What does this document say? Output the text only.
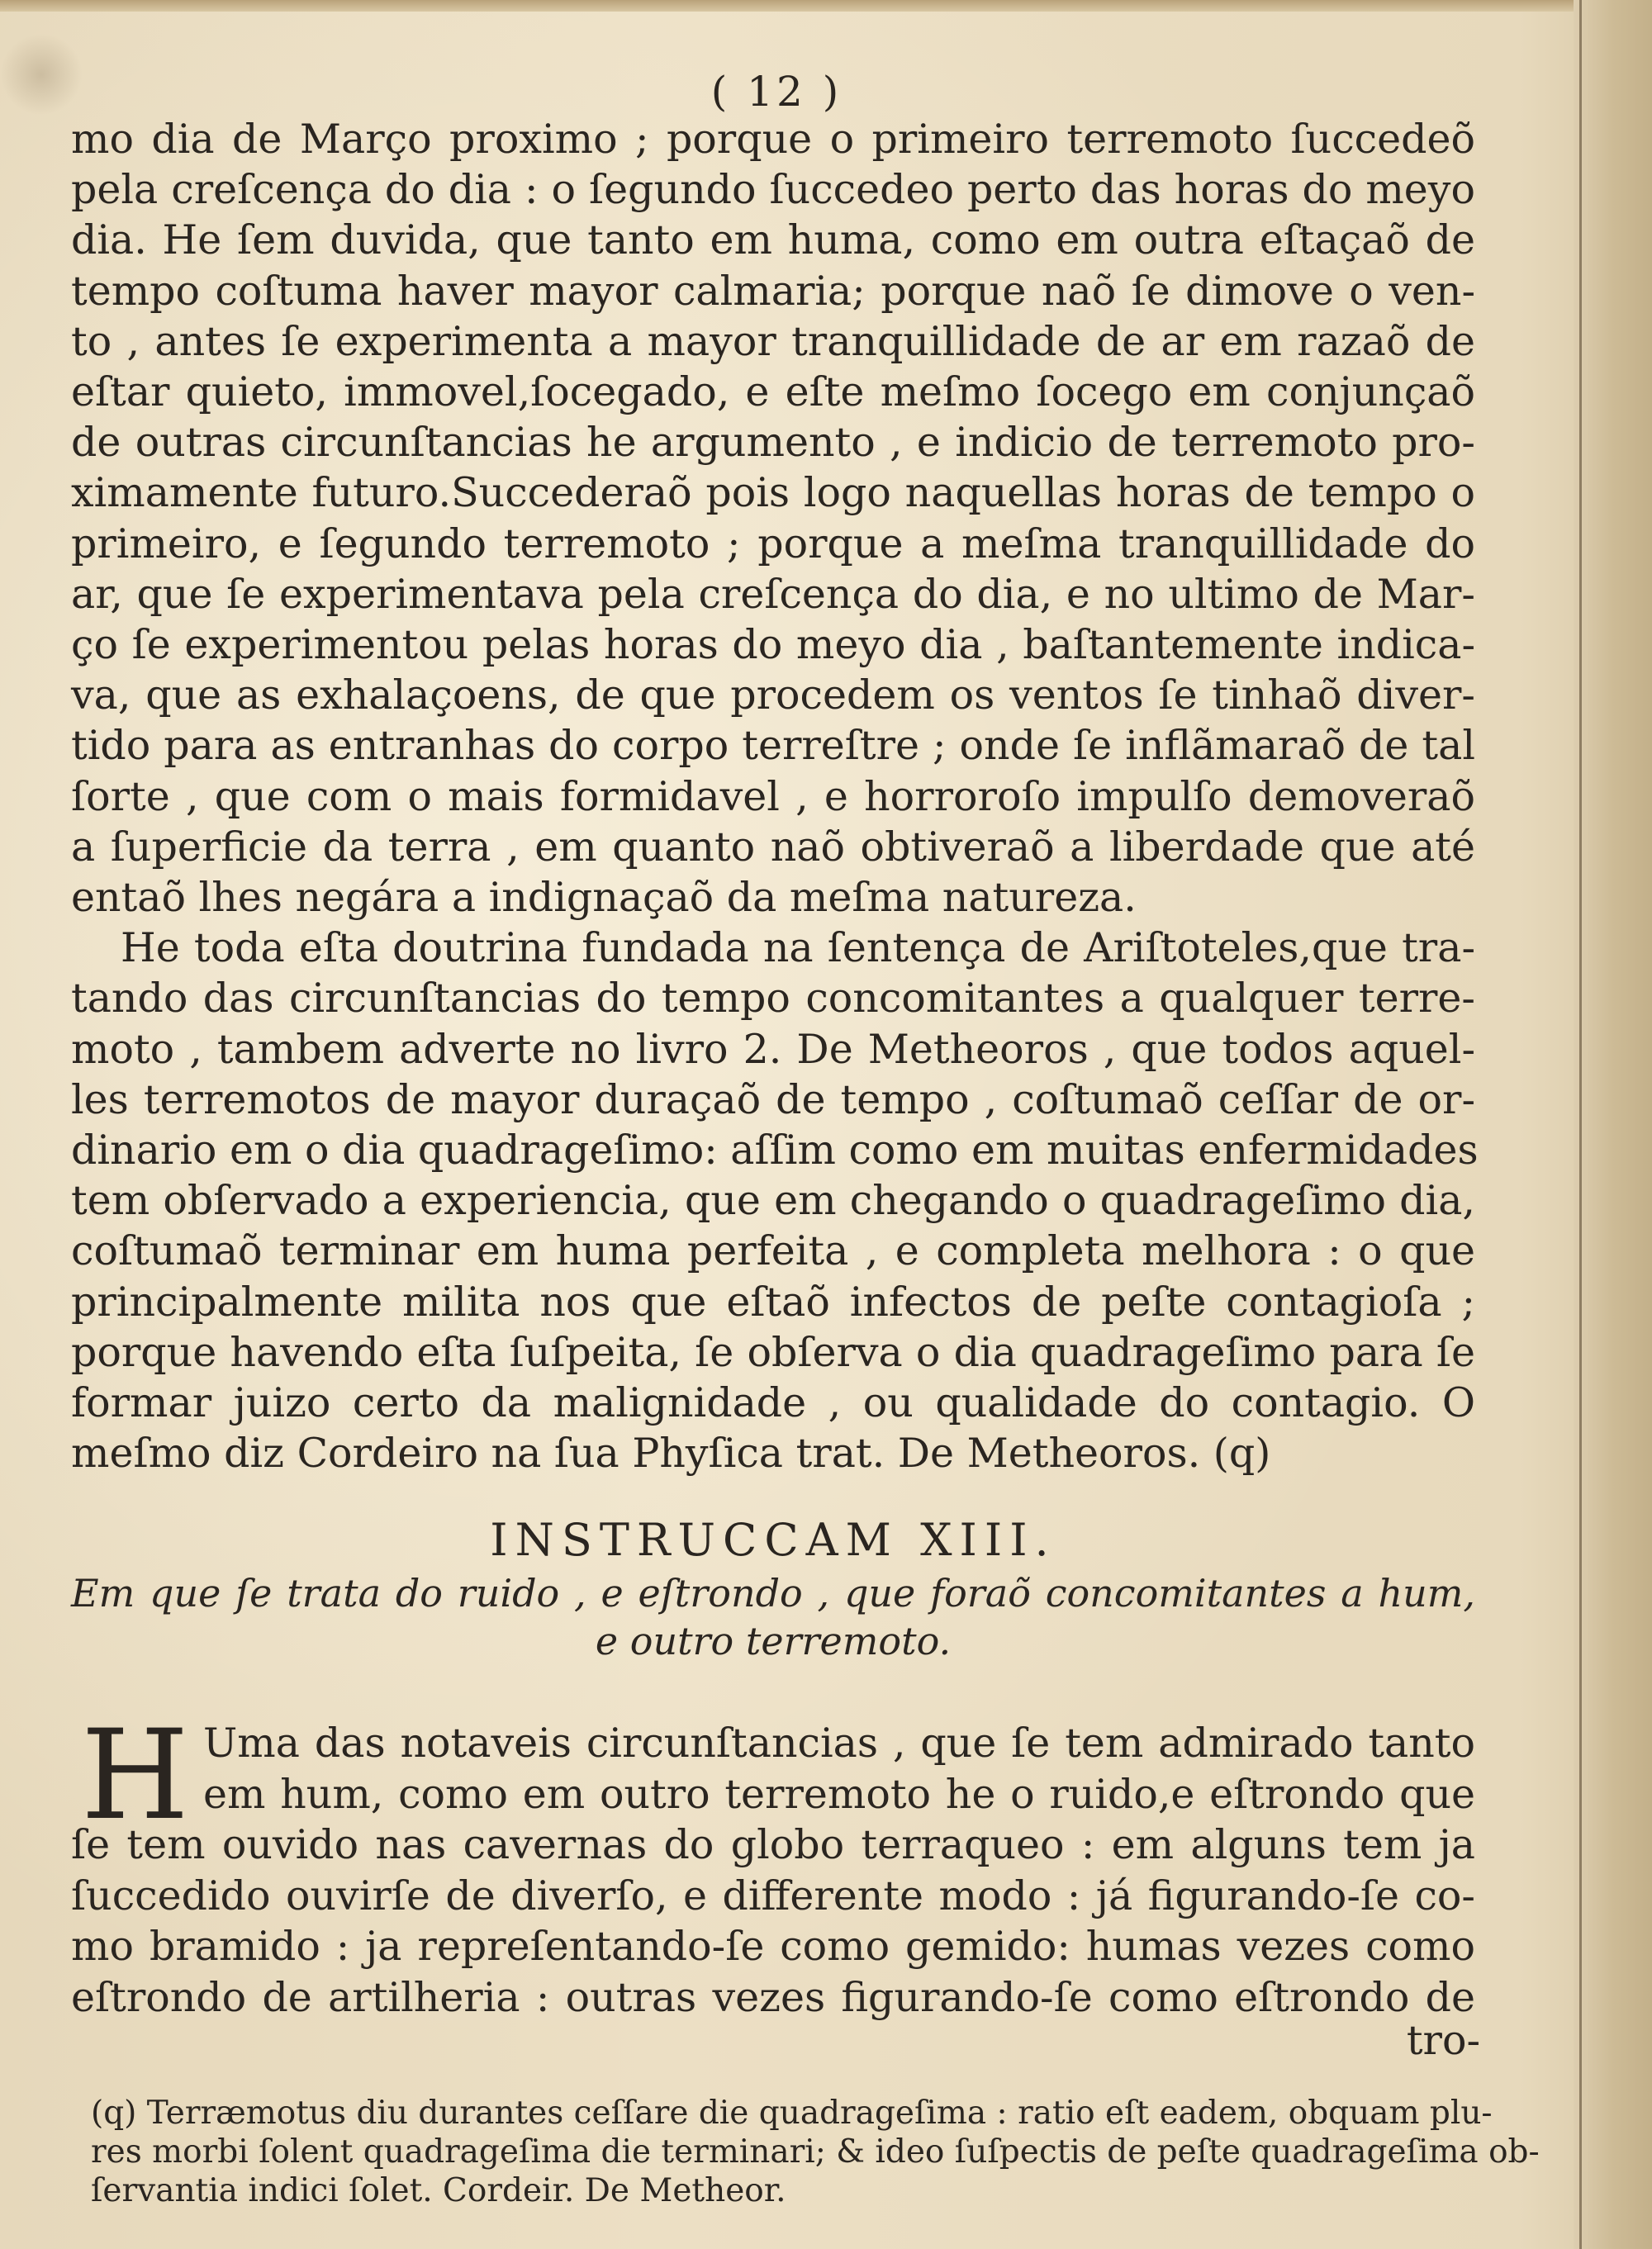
( 12 )
mo dia de Março proximo ; porque o primeiro terremoto ſuccedeõ
pela creſcença do dia : o ſegundo ſuccedeo perto das horas do meyo
dia. He ſem duvida, que tanto em huma, como em outra eſtaçaõ de
tempo coſtuma haver mayor calmaria; porque naõ ſe dimove o ven-
to , antes ſe experimenta a mayor tranquillidade de ar em razaõ de
eſtar quieto, immovel,ſocegado, e eſte meſmo ſocego em conjunçaõ
de outras circunſtancias he argumento , e indicio de terremoto pro-
ximamente futuro.Succederaõ pois logo naquellas horas de tempo o
primeiro, e ſegundo terremoto ; porque a meſma tranquillidade do
ar, que ſe experimentava pela creſcença do dia, e no ultimo de Mar-
ço ſe experimentou pelas horas do meyo dia , baſtantemente indica-
va, que as exhalaçoens, de que procedem os ventos ſe tinhaõ diver-
tido para as entranhas do corpo terreſtre ; onde ſe inflãmaraõ de tal
ſorte , que com o mais formidavel , e horroroſo impulſo demoveraõ
a ſuperficie da terra , em quanto naõ obtiveraõ a liberdade que até
entaõ lhes negára a indignaçaõ da meſma natureza.
He toda eſta doutrina fundada na ſentença de Ariſtoteles,que tra-
tando das circunſtancias do tempo concomitantes a qualquer terre-
moto , tambem adverte no livro 2. De Metheoros , que todos aquel-
les terremotos de mayor duraçaõ de tempo , coſtumaõ ceſſar de or-
dinario em o dia quadrageſimo: aſſim como em muitas enfermidades
tem obſervado a experiencia, que em chegando o quadrageſimo dia,
coſtumaõ terminar em huma perfeita , e completa melhora : o que
principalmente milita nos que eſtaõ infectos de peſte contagioſa ;
porque havendo eſta ſuſpeita, ſe obſerva o dia quadrageſimo para ſe
formar juizo certo da malignidade , ou qualidade do contagio. O
meſmo diz Cordeiro na ſua Phyſica trat. De Metheoros. (q)
INSTRUCCAM XIII.
Em que ſe trata do ruido , e eſtrondo , que foraõ concomitantes a hum,
e outro terremoto.
H Uma das notaveis circunſtancias , que ſe tem admirado tanto
em hum, como em outro terremoto he o ruido,e eſtrondo que
ſe tem ouvido nas cavernas do globo terraqueo : em alguns tem ja
ſuccedido ouvirſe de diverſo, e differente modo : já figurando-ſe co-
mo bramido : ja repreſentando-ſe como gemido: humas vezes como
eſtrondo de artilheria : outras vezes figurando-ſe como eſtrondo de
tro-
(q) Terræmotus diu durantes ceſſare die quadrageſima : ratio eſt eadem, obquam plu-
res morbi ſolent quadrageſima die terminari; & ideo ſuſpectis de peſte quadrageſima ob-
ſervantia indici ſolet. Cordeir. De Metheor.
